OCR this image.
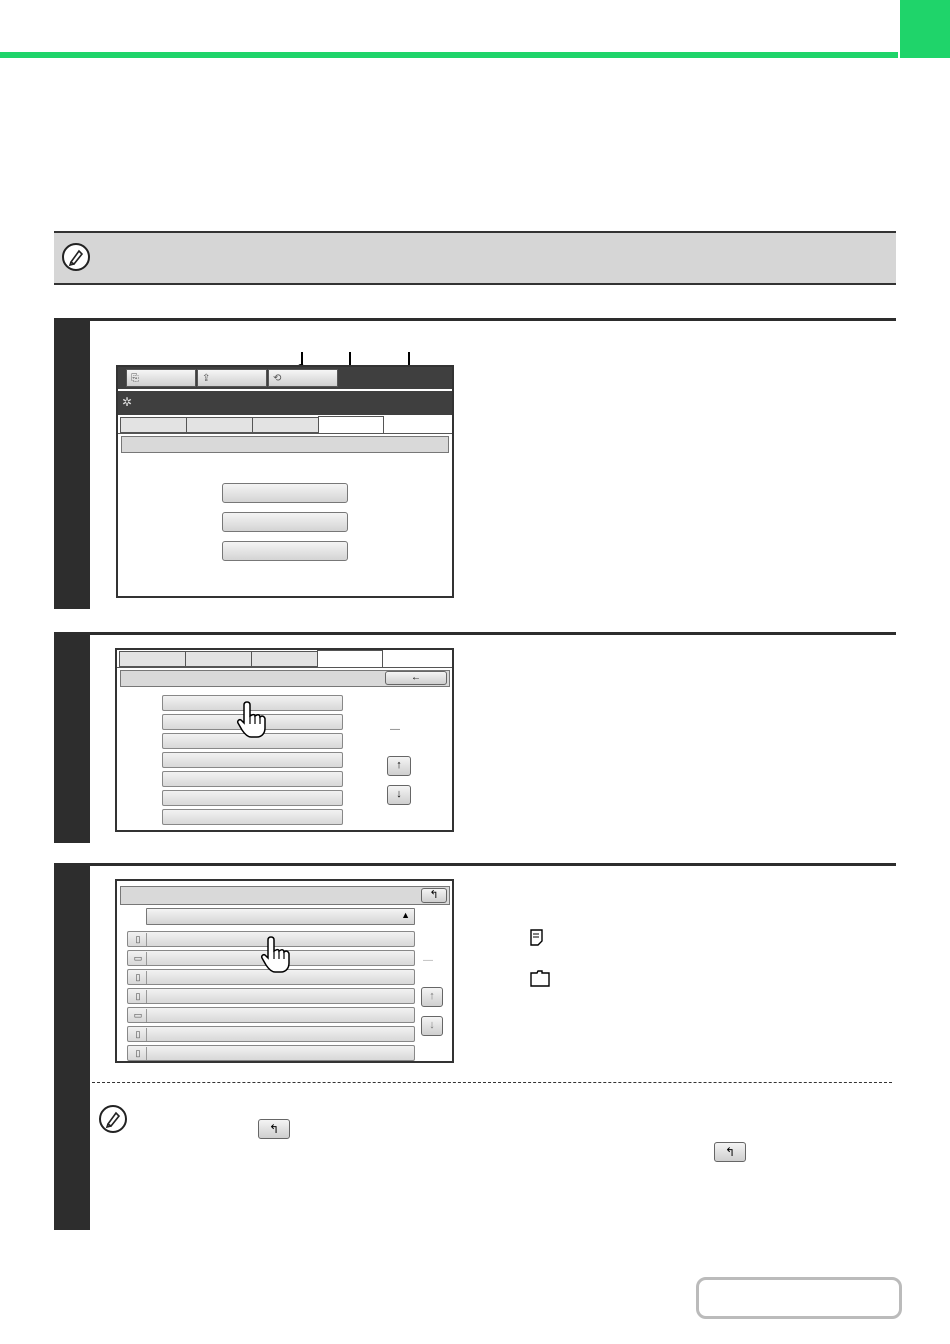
⎘	⇪	⟲
✲
←
—
↑
↓
↰
▲
▯
▭
▯
▯
▭
▯
▯
—
↑
↓
↰
↰
